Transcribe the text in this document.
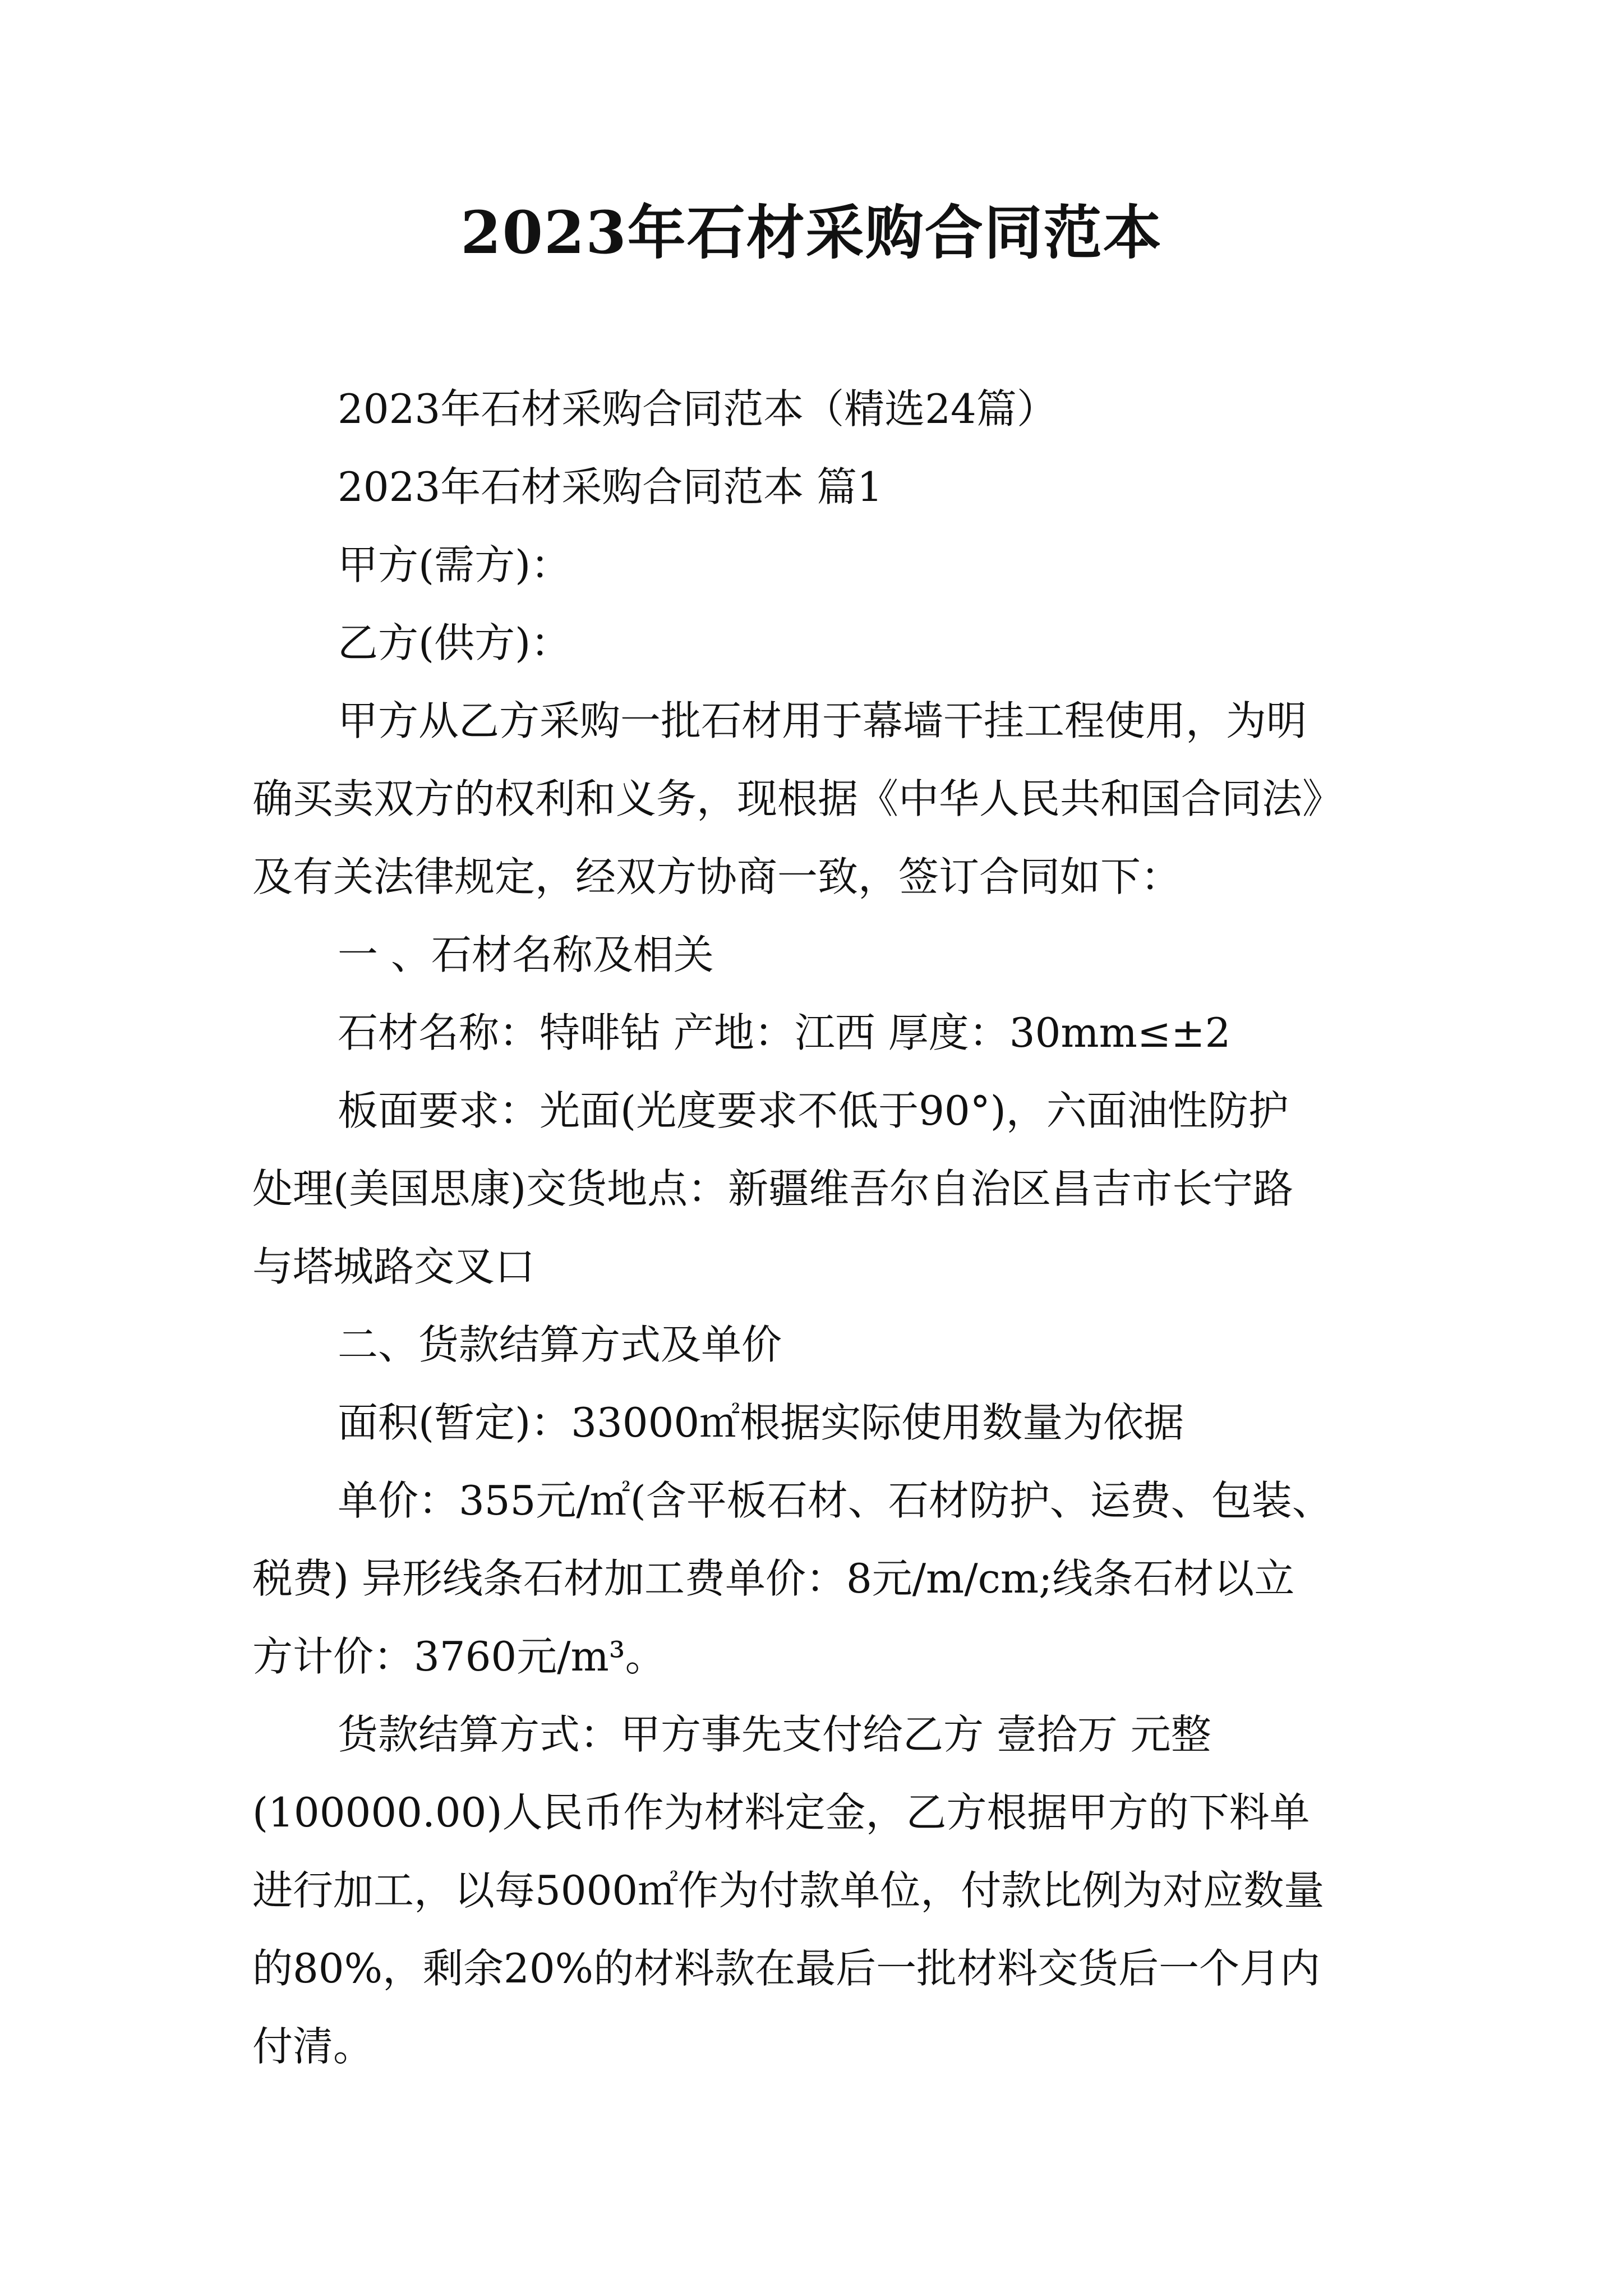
2023年石材采购合同范本

2023年石材采购合同范本（精选24篇）

2023年石材采购合同范本 篇1

甲方(需方)：

乙方(供方)：

甲方从乙方采购一批石材用于幕墙干挂工程使用，为明
确买卖双方的权利和义务，现根据《中华人民共和国合同法》
及有关法律规定，经双方协商一致，签订合同如下：

一 、石材名称及相关

石材名称：特啡钻 产地：江西 厚度：30mm≤±2

板面要求：光面(光度要求不低于90°)，六面油性防护
处理(美国思康)交货地点：新疆维吾尔自治区昌吉市长宁路
与塔城路交叉口

二、货款结算方式及单价

面积(暂定)：33000㎡根据实际使用数量为依据

单价：355元/㎡(含平板石材、石材防护、运费、包装、
税费) 异形线条石材加工费单价：8元/m/cm;线条石材以立
方计价：3760元/m³。

货款结算方式：甲方事先支付给乙方 壹拾万 元整
(100000.00)人民币作为材料定金，乙方根据甲方的下料单
进行加工，以每5000㎡作为付款单位，付款比例为对应数量
的80%，剩余20%的材料款在最后一批材料交货后一个月内
付清。
